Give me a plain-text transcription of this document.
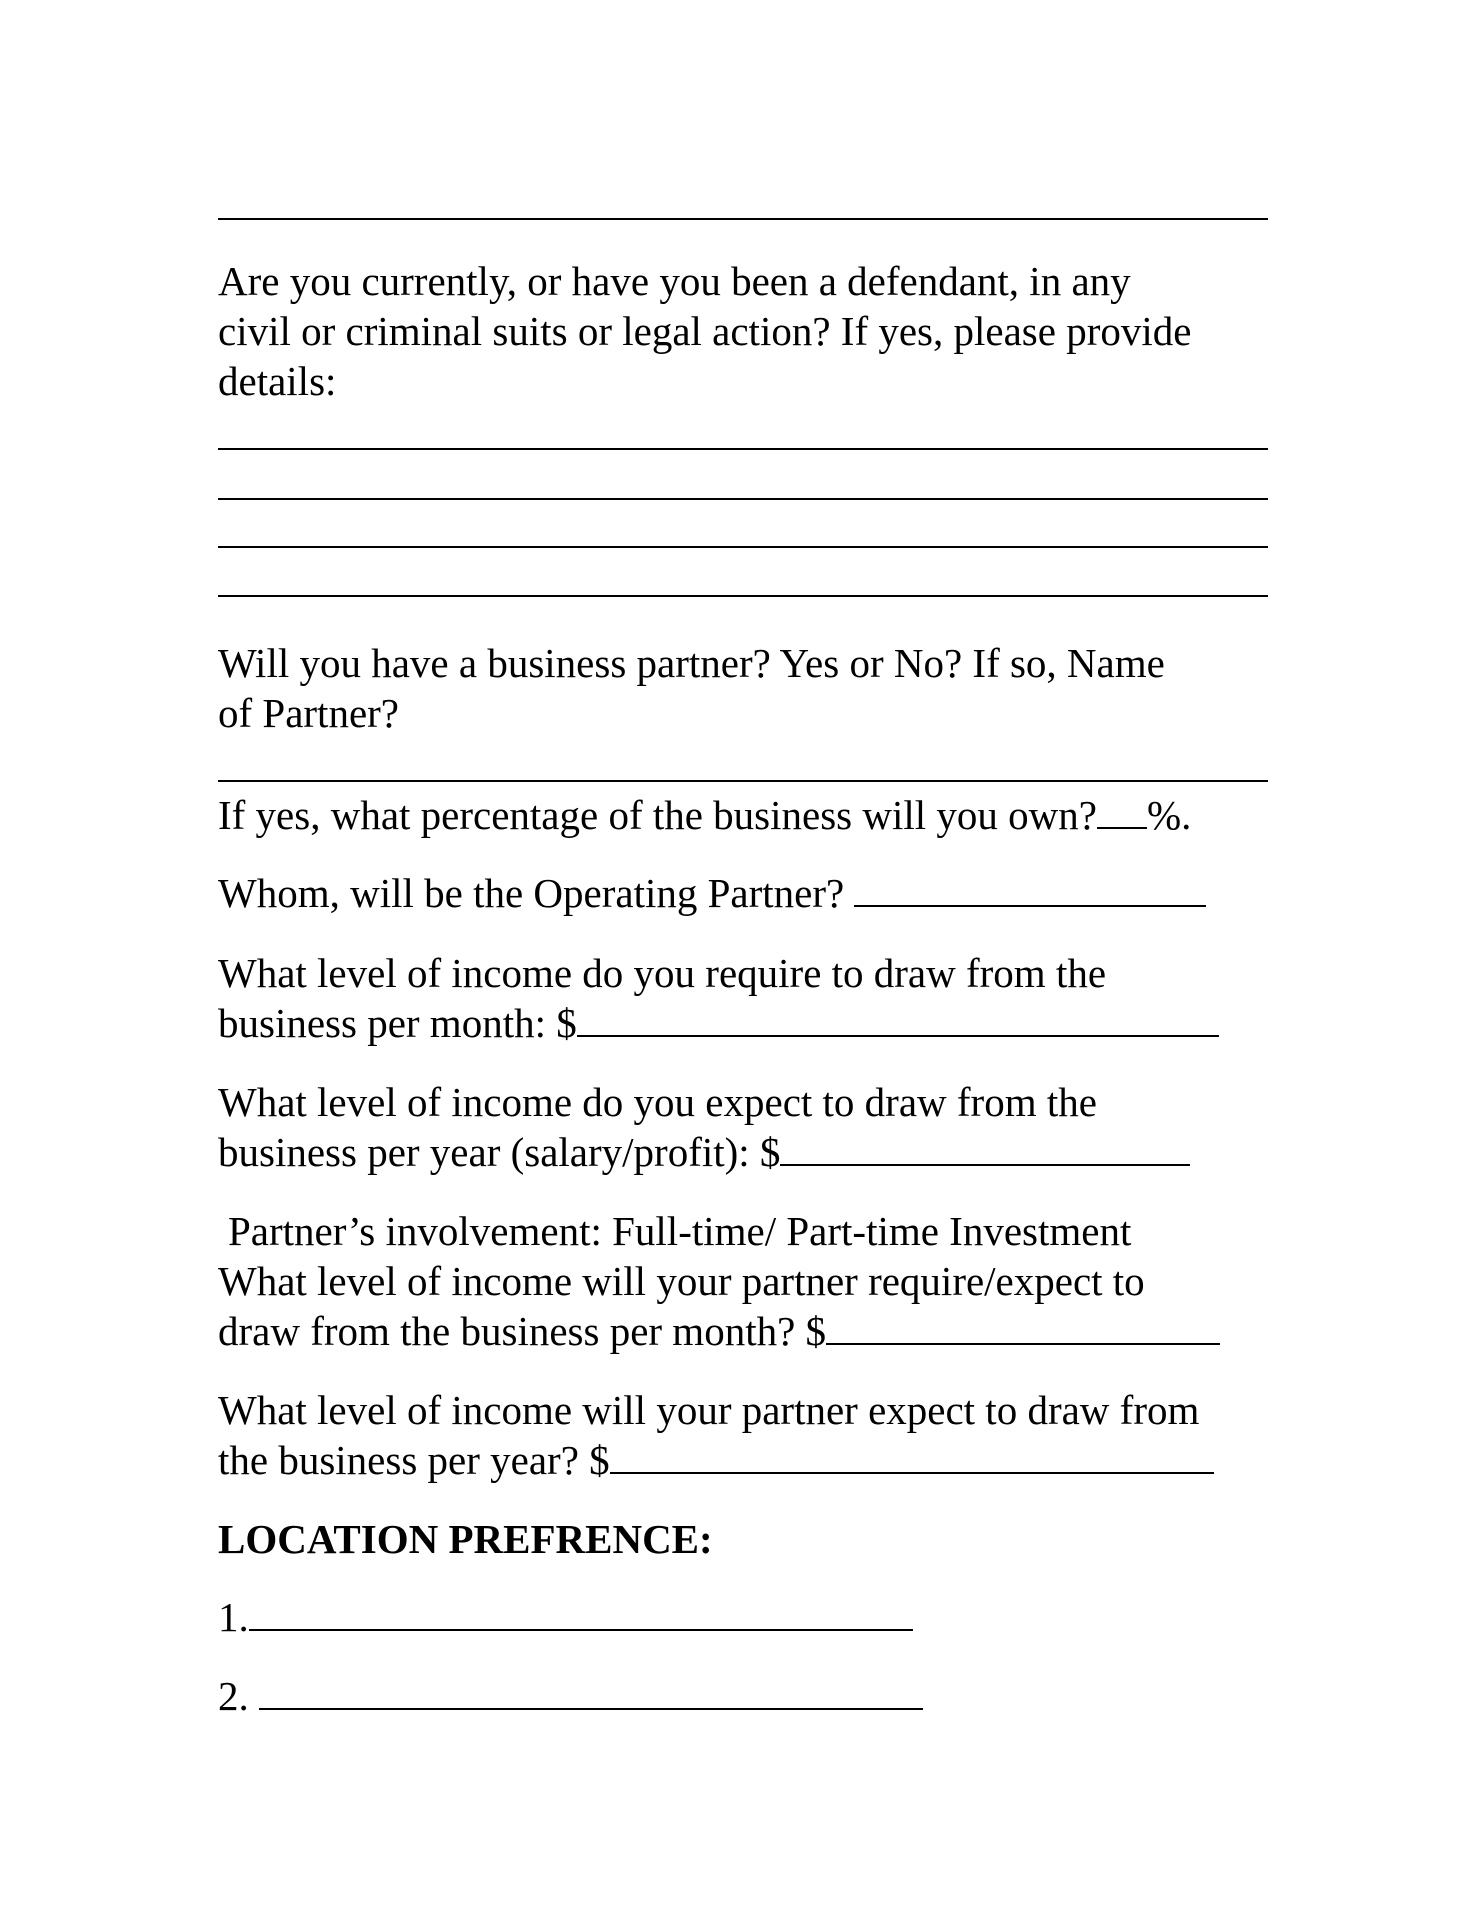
Are you currently, or have you been a defendant, in any
civil or criminal suits or legal action? If yes, please provide
details:

Will you have a business partner? Yes or No? If so, Name
of Partner?

If yes, what percentage of the business will you own? %.

Whom, will be the Operating Partner?

What level of income do you require to draw from the
business per month: $

What level of income do you expect to draw from the
business per year (salary/profit): $

Partner’s involvement: Full-time/ Part-time Investment
What level of income will your partner require/expect to
draw from the business per month? $

What level of income will your partner expect to draw from
the business per year? $

LOCATION PREFRENCE:

1.

2.
